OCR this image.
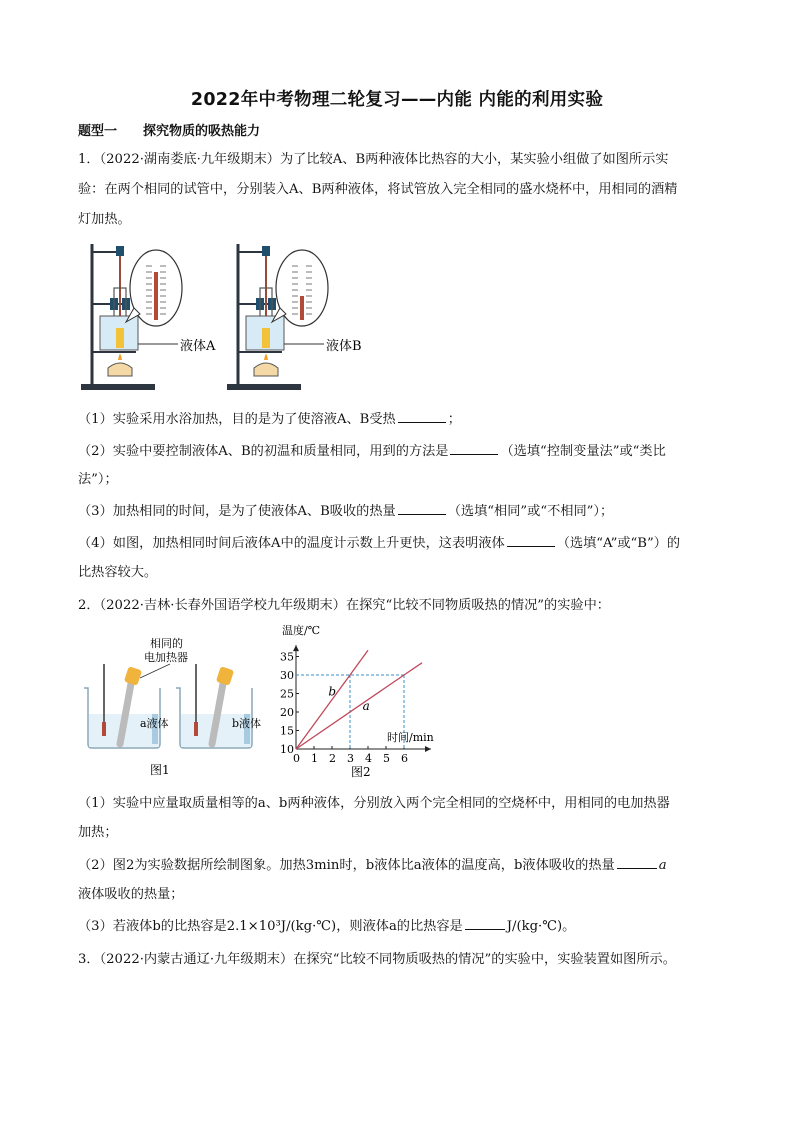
2022年中考物理二轮复习——内能 内能的利用实验
题型一 探究物质的吸热能力
1．（2022·湖南娄底·九年级期末）为了比较A、B两种液体比热容的大小，某实验小组做了如图所示实
验：在两个相同的试管中，分别装入A、B两种液体，将试管放入完全相同的盛水烧杯中，用相同的酒精
灯加热。
液体A	液体B
（1）实验采用水浴加热，目的是为了使溶液A、B受热	；
（2）实验中要控制液体A、B的初温和质量相同，用到的方法是	（选填“控制变量法”或“类比
法”）；
（3）加热相同的时间，是为了使液体A、B吸收的热量	（选填“相同”或“不相同”）；
（4）如图，加热相同时间后液体A中的温度计示数上升更快，这表明液体	（选填“A”或“B”）的
比热容较大。
2．（2022·吉林·长春外国语学校九年级期末）在探究“比较不同物质吸热的情况”的实验中：
相同的
电加热器
a液体	b液体
图1
0 1 2 3 4 5 6
10
15
20
25
30
35
温度/℃
时间/min
b
a
图2
（1）实验中应量取质量相等的a、b两种液体，分别放入两个完全相同的空烧杯中，用相同的电加热器
加热；
（2）图2为实验数据所绘制图象。加热3min时，b液体比a液体的温度高，b液体吸收的热量	a
液体吸收的热量；
（3）若液体b的比热容是2.1×10³J/(kg·℃)，则液体a的比热容是	J/(kg·℃)。
3．（2022·内蒙古通辽·九年级期末）在探究“比较不同物质吸热的情况”的实验中，实验装置如图所示。
